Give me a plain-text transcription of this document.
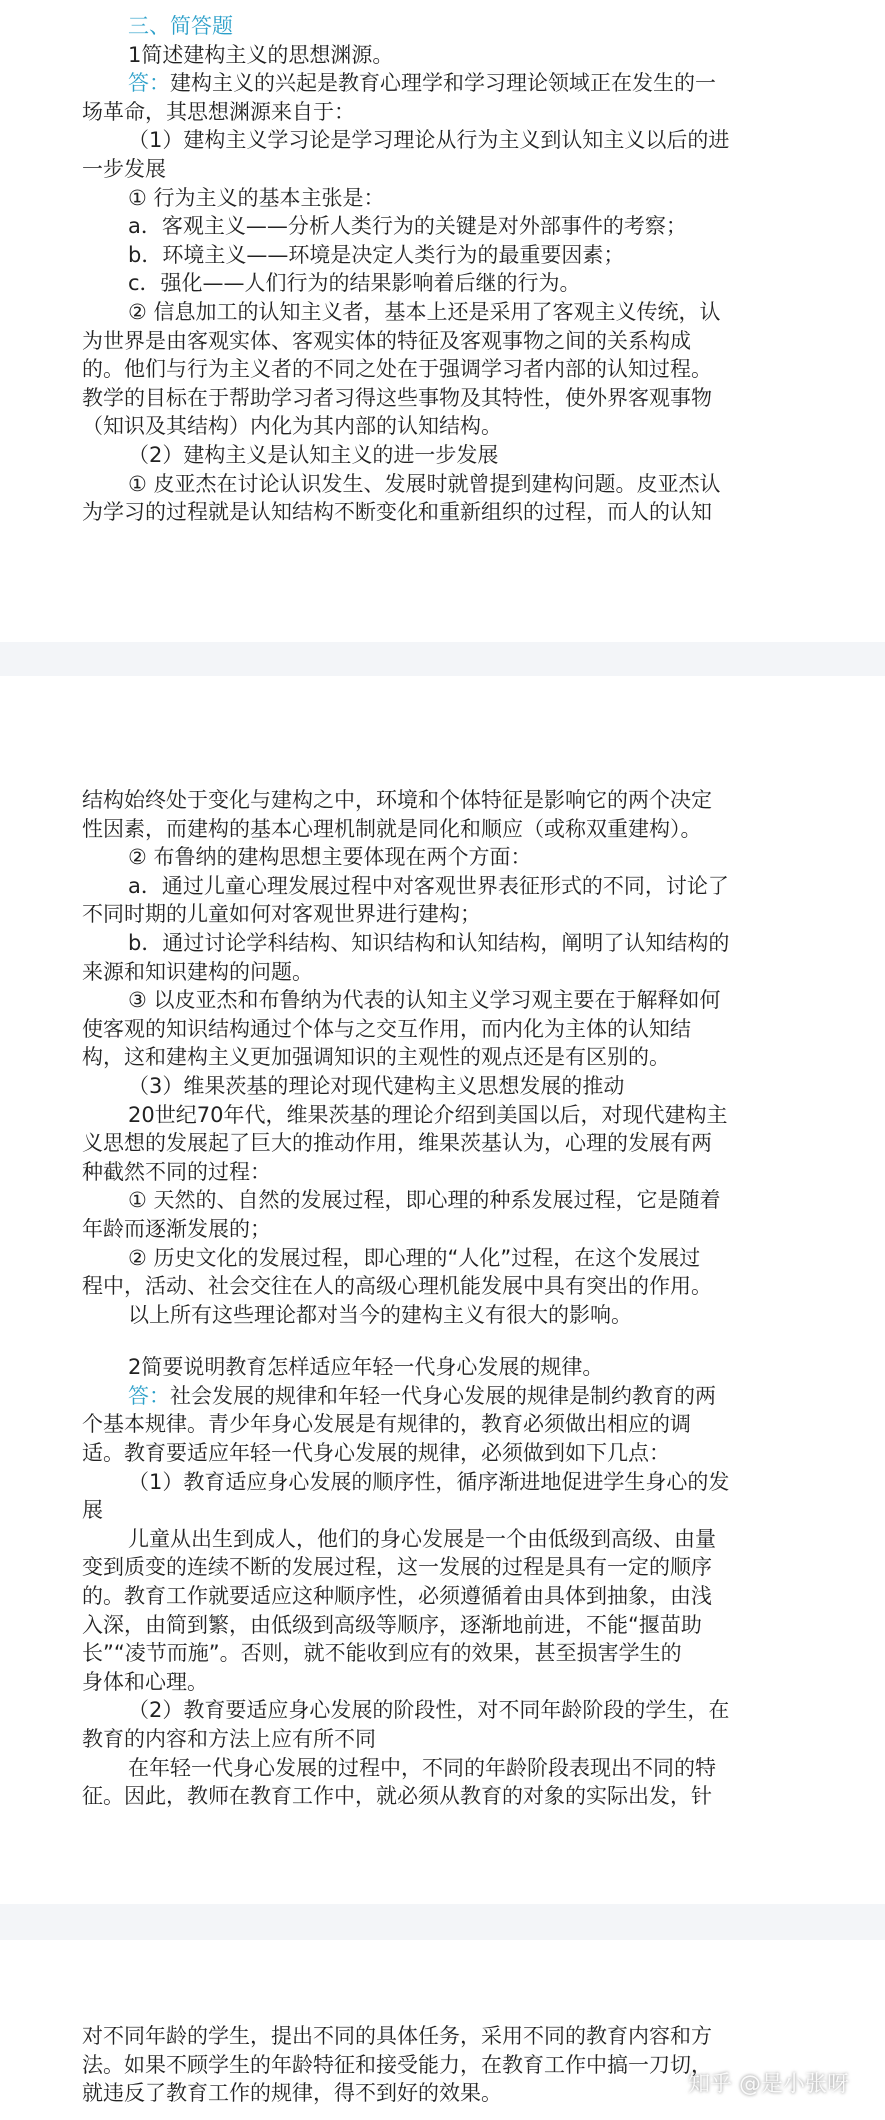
三、简答题
1简述建构主义的思想渊源。
答：建构主义的兴起是教育心理学和学习理论领域正在发生的一
场革命，其思想渊源来自于：
（1）建构主义学习论是学习理论从行为主义到认知主义以后的进
一步发展
① 行为主义的基本主张是：
a．客观主义——分析人类行为的关键是对外部事件的考察；
b．环境主义——环境是决定人类行为的最重要因素；
c．强化——人们行为的结果影响着后继的行为。
② 信息加工的认知主义者，基本上还是采用了客观主义传统，认
为世界是由客观实体、客观实体的特征及客观事物之间的关系构成
的。他们与行为主义者的不同之处在于强调学习者内部的认知过程。
教学的目标在于帮助学习者习得这些事物及其特性，使外界客观事物
（知识及其结构）内化为其内部的认知结构。
（2）建构主义是认知主义的进一步发展
① 皮亚杰在讨论认识发生、发展时就曾提到建构问题。皮亚杰认
为学习的过程就是认知结构不断变化和重新组织的过程，而人的认知
结构始终处于变化与建构之中，环境和个体特征是影响它的两个决定
性因素，而建构的基本心理机制就是同化和顺应（或称双重建构）。
② 布鲁纳的建构思想主要体现在两个方面：
a．通过儿童心理发展过程中对客观世界表征形式的不同，讨论了
不同时期的儿童如何对客观世界进行建构；
b．通过讨论学科结构、知识结构和认知结构，阐明了认知结构的
来源和知识建构的问题。
③ 以皮亚杰和布鲁纳为代表的认知主义学习观主要在于解释如何
使客观的知识结构通过个体与之交互作用，而内化为主体的认知结
构，这和建构主义更加强调知识的主观性的观点还是有区别的。
（3）维果茨基的理论对现代建构主义思想发展的推动
20世纪70年代，维果茨基的理论介绍到美国以后，对现代建构主
义思想的发展起了巨大的推动作用，维果茨基认为，心理的发展有两
种截然不同的过程：
① 天然的、自然的发展过程，即心理的种系发展过程，它是随着
年龄而逐渐发展的；
② 历史文化的发展过程，即心理的“人化”过程，在这个发展过
程中，活动、社会交往在人的高级心理机能发展中具有突出的作用。
以上所有这些理论都对当今的建构主义有很大的影响。
2简要说明教育怎样适应年轻一代身心发展的规律。
答：社会发展的规律和年轻一代身心发展的规律是制约教育的两
个基本规律。青少年身心发展是有规律的，教育必须做出相应的调
适。教育要适应年轻一代身心发展的规律，必须做到如下几点：
（1）教育适应身心发展的顺序性，循序渐进地促进学生身心的发
展
儿童从出生到成人，他们的身心发展是一个由低级到高级、由量
变到质变的连续不断的发展过程，这一发展的过程是具有一定的顺序
的。教育工作就要适应这种顺序性，必须遵循着由具体到抽象，由浅
入深，由简到繁，由低级到高级等顺序，逐渐地前进，不能“揠苗助
长”“凌节而施”。否则，就不能收到应有的效果，甚至损害学生的
身体和心理。
（2）教育要适应身心发展的阶段性，对不同年龄阶段的学生，在
教育的内容和方法上应有所不同
在年轻一代身心发展的过程中，不同的年龄阶段表现出不同的特
征。因此，教师在教育工作中，就必须从教育的对象的实际出发，针
对不同年龄的学生，提出不同的具体任务，采用不同的教育内容和方
法。如果不顾学生的年龄特征和接受能力，在教育工作中搞一刀切，
就违反了教育工作的规律，得不到好的效果。	知乎 @是小张呀
